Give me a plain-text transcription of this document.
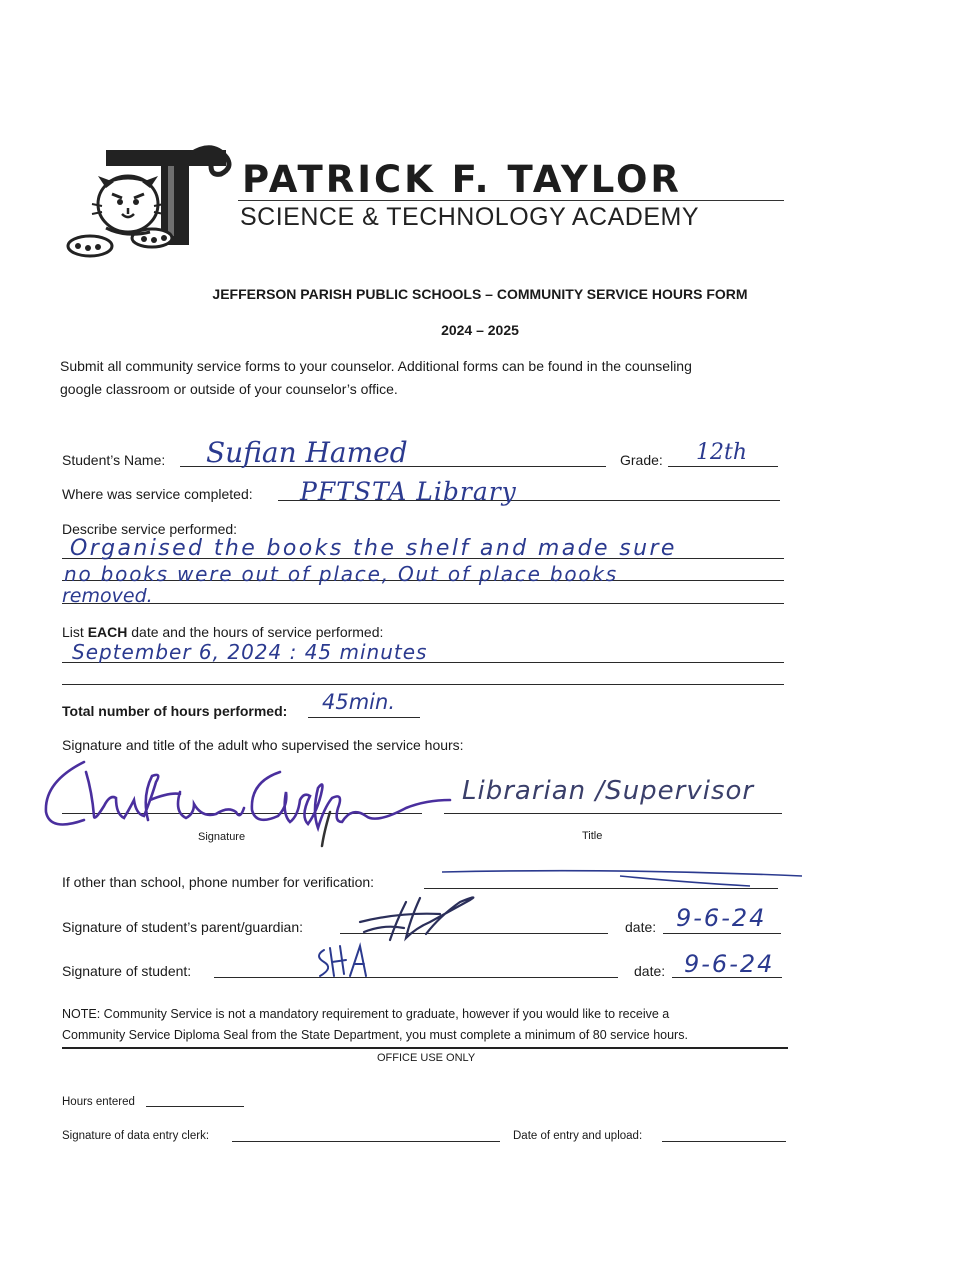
PATRICK F. TAYLOR
SCIENCE & TECHNOLOGY ACADEMY
JEFFERSON PARISH PUBLIC SCHOOLS – COMMUNITY SERVICE HOURS FORM
2024 – 2025
Submit all community service forms to your counselor. Additional forms can be found in the counseling
google classroom or outside of your counselor’s office.
Student’s Name: Sufian Hamed	Grade: 12th
Where was service completed: PFTSTA Library
Describe service performed:
Organised the books the shelf and made sure
no books were out of place, Out of place books
removed.
List EACH date and the hours of service performed:
September 6, 2024 : 45 minutes
Total number of hours performed: 45min.
Signature and title of the adult who supervised the service hours:
Signature
Librarian /Supervisor
Title
If other than school, phone number for verification:
Signature of student’s parent/guardian:	date: 9-6-24
Signature of student:	date: 9-6-24
NOTE: Community Service is not a mandatory requirement to graduate, however if you would like to receive a
Community Service Diploma Seal from the State Department, you must complete a minimum of 80 service hours.
OFFICE USE ONLY
Hours entered
Signature of data entry clerk:	Date of entry and upload:
